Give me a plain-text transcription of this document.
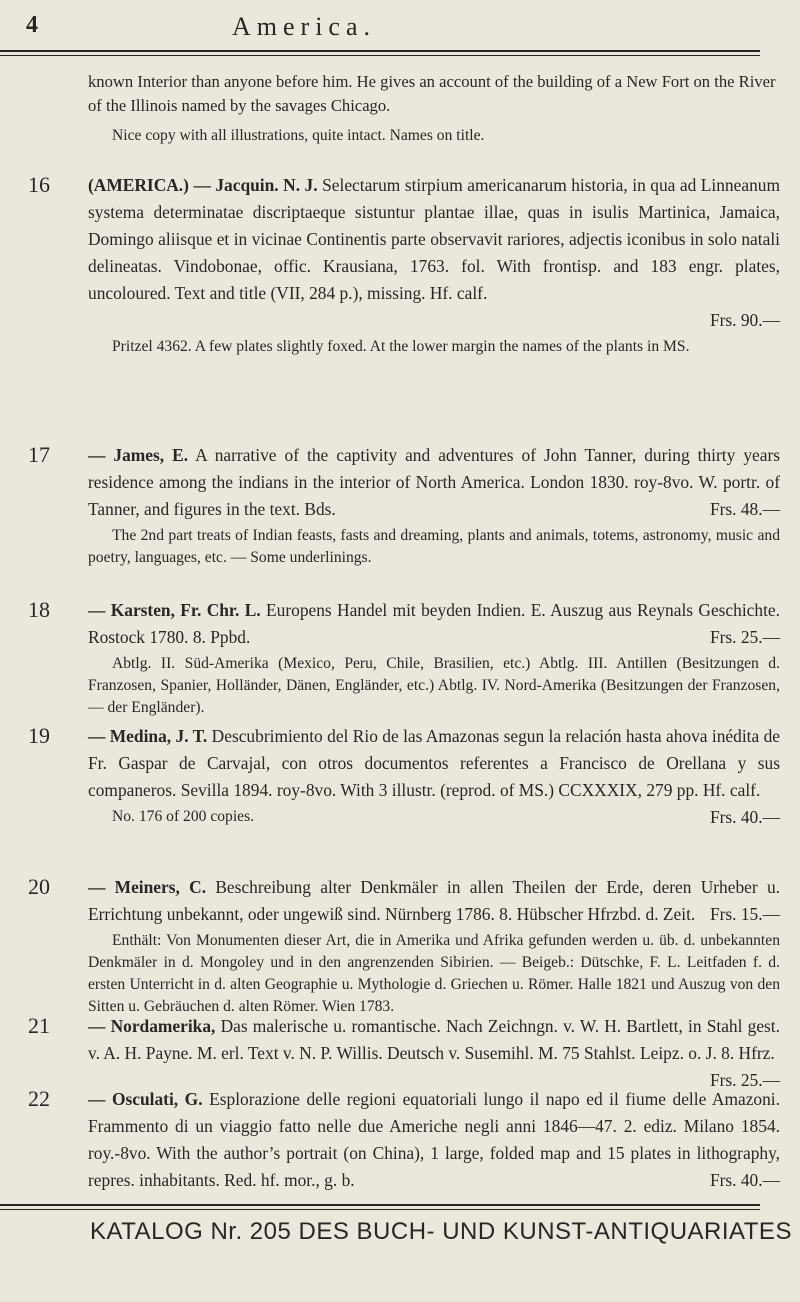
4	America.
known Interior than anyone before him. He gives an account of the building of a New Fort on the River of the Illinois named by the savages Chicago.
Nice copy with all illustrations, quite intact. Names on title.
16 (AMERICA.) — Jacquin. N. J. Selectarum stirpium americanarum historia, in qua ad Linneanum systema determinatae discriptaeque sistuntur plantae illae, quas in isulis Martinica, Jamaica, Domingo aliisque et in vicinae Continentis parte observavit rariores, adjectis iconibus in solo natali delineatas. Vindobonae, offic. Krausiana, 1763. fol. With frontisp. and 183 engr. plates, uncoloured. Text and title (VII, 284 p.), missing. Hf. calf.
Frs. 90.—
Pritzel 4362. A few plates slightly foxed. At the lower margin the names of the plants in MS.
17 — James, E. A narrative of the captivity and adventures of John Tanner, during thirty years residence among the indians in the interior of North America. London 1830. roy-8vo. W. portr. of Tanner, and figures in the text. Bds.	Frs. 48.—
The 2nd part treats of Indian feasts, fasts and dreaming, plants and animals, totems, astronomy, music and poetry, languages, etc. — Some underlinings.
18 — Karsten, Fr. Chr. L. Europens Handel mit beyden Indien. E. Auszug aus Reynals Geschichte. Rostock 1780. 8. Ppbd.	Frs. 25.—
Abtlg. II. Süd-Amerika (Mexico, Peru, Chile, Brasilien, etc.) Abtlg. III. Antillen (Besitzungen d. Franzosen, Spanier, Holländer, Dänen, Engländer, etc.) Abtlg. IV. Nord-Amerika (Besitzungen der Franzosen, — der Engländer).
19 — Medina, J. T. Descubrimiento del Rio de las Amazonas segun la relación hasta ahova inédita de Fr. Gaspar de Carvajal, con otros documentos referentes a Francisco de Orellana y sus companeros. Sevilla 1894. roy-8vo. With 3 illustr. (reprod. of MS.) CCXXXIX, 279 pp. Hf. calf.
Frs. 40.—
No. 176 of 200 copies.
20 — Meiners, C. Beschreibung alter Denkmäler in allen Theilen der Erde, deren Urheber u. Errichtung unbekannt, oder ungewiß sind. Nürnberg 1786. 8. Hübscher Hfrzbd. d. Zeit. Frs. 15.—
Enthält: Von Monumenten dieser Art, die in Amerika und Afrika gefunden werden u. üb. d. unbekannten Denkmäler in d. Mongoley und in den angrenzenden Sibirien. — Beigeb.: Dütschke, F. L. Leitfaden f. d. ersten Unterricht in d. alten Geographie u. Mythologie d. Griechen u. Römer. Halle 1821 und Auszug von den Sitten u. Gebräuchen d. alten Römer. Wien 1783.
21 — Nordamerika, Das malerische u. romantische. Nach Zeichngn. v. W. H. Bartlett, in Stahl gest. v. A. H. Payne. M. erl. Text v. N. P. Willis. Deutsch v. Susemihl. M. 75 Stahlst. Leipz. o. J. 8. Hfrz.
Frs. 25.—
22 — Osculati, G. Esplorazione delle regioni equatoriali lungo il napo ed il fiume delle Amazoni. Frammento di un viaggio fatto nelle due Americhe negli anni 1846—47. 2. ediz. Milano 1854. roy.-8vo. With the author’s portrait (on China), 1 large, folded map and 15 plates in lithography, repres. inhabitants. Red. hf. mor., g. b.	Frs. 40.—
KATALOG Nr. 205 DES BUCH- UND KUNST-ANTIQUARIATES
